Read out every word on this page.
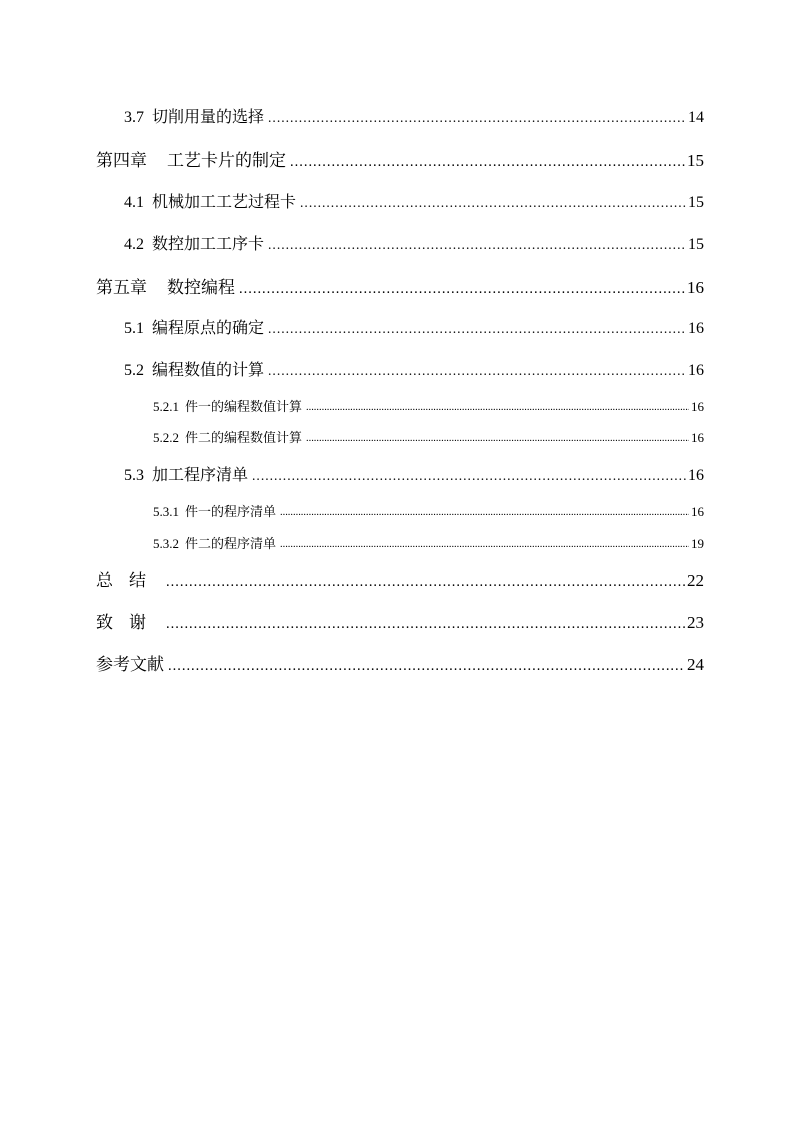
3.7 切削用量的选择 .....	14
第四章 工艺卡片的制定 .....	15
4.1 机械加工工艺过程卡 .....	15
4.2 数控加工工序卡 .....	15
第五章 数控编程 .....	16
5.1 编程原点的确定 .....	16
5.2 编程数值的计算 .....	16
5.2.1 件一的编程数值计算 .....	16
5.2.2 件二的编程数值计算 .....	16
5.3 加工程序清单 .....	16
5.3.1 件一的程序清单 .....	16
5.3.2 件二的程序清单 .....	19
总结 .....	22
致谢 .....	23
参考文献 .....	24
